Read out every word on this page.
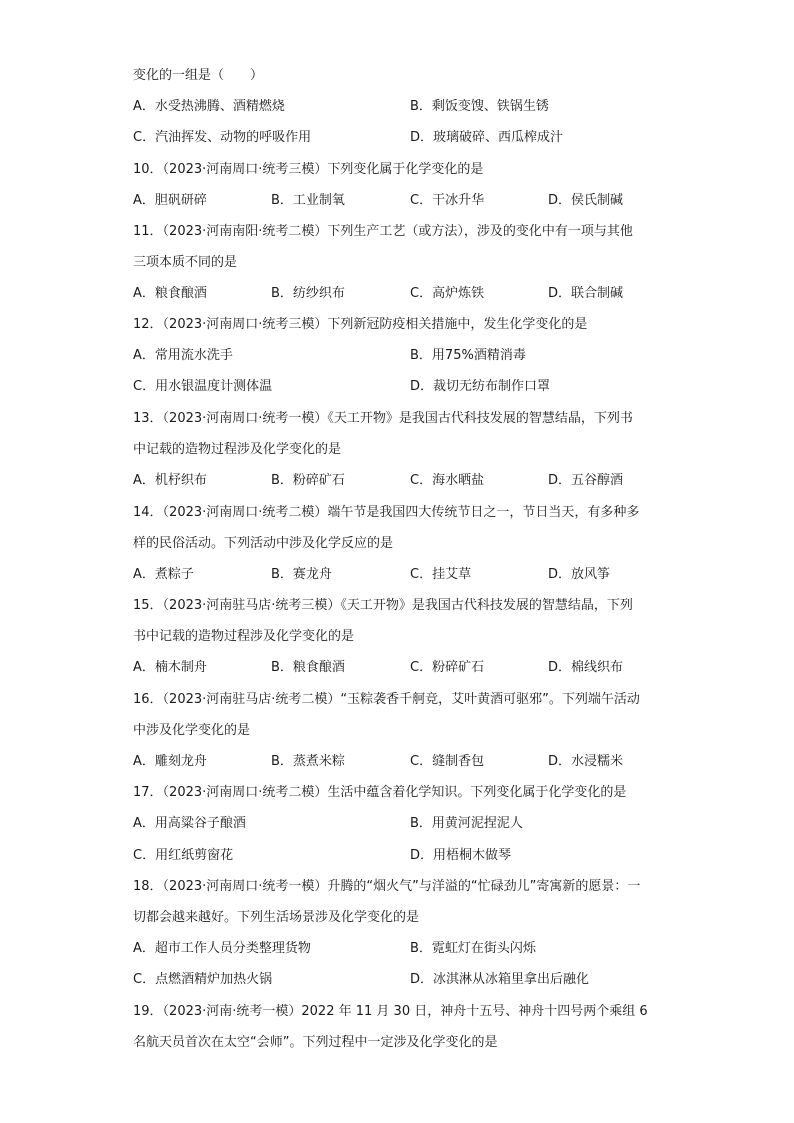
变化的一组是（　　）
A．水受热沸腾、酒精燃烧	B．剩饭变馊、铁锅生锈
C．汽油挥发、动物的呼吸作用	D．玻璃破碎、西瓜榨成汁
10．（2023·河南周口·统考三模）下列变化属于化学变化的是
A．胆矾研碎	B．工业制氧	C．干冰升华	D．侯氏制碱
11．（2023·河南南阳·统考二模）下列生产工艺（或方法），涉及的变化中有一项与其他
三项本质不同的是
A．粮食酿酒	B．纺纱织布	C．高炉炼铁	D．联合制碱
12．（2023·河南周口·统考三模）下列新冠防疫相关措施中，发生化学变化的是
A．常用流水洗手	B．用75%酒精消毒
C．用水银温度计测体温	D．裁切无纺布制作口罩
13．（2023·河南周口·统考一模）《天工开物》是我国古代科技发展的智慧结晶，下列书
中记载的造物过程涉及化学变化的是
A．机杼织布	B．粉碎矿石	C．海水晒盐	D．五谷醇酒
14．（2023·河南周口·统考二模）端午节是我国四大传统节日之一，节日当天，有多种多
样的民俗活动。下列活动中涉及化学反应的是
A．煮粽子	B．赛龙舟	C．挂艾草	D．放风筝
15．（2023·河南驻马店·统考三模）《天工开物》是我国古代科技发展的智慧结晶，下列
书中记载的造物过程涉及化学变化的是
A．楠木制舟	B．粮食酿酒	C．粉碎矿石	D．棉线织布
16．（2023·河南驻马店·统考二模）“玉粽袭香千舸竞，艾叶黄酒可驱邪”。下列端午活动
中涉及化学变化的是
A．雕刻龙舟	B．蒸煮米粽	C．缝制香包	D．水浸糯米
17．（2023·河南周口·统考二模）生活中蕴含着化学知识。下列变化属于化学变化的是
A．用高粱谷子酿酒	B．用黄河泥捏泥人
C．用红纸剪窗花	D．用梧桐木做琴
18．（2023·河南周口·统考一模）升腾的“烟火气”与洋溢的“忙碌劲儿”寄寓新的愿景：一
切都会越来越好。下列生活场景涉及化学变化的是
A．超市工作人员分类整理货物	B．霓虹灯在街头闪烁
C．点燃酒精炉加热火锅	D．冰淇淋从冰箱里拿出后融化
19．（2023·河南·统考一模）2022 年 11 月 30 日，神舟十五号、神舟十四号两个乘组 6
名航天员首次在太空“会师”。下列过程中一定涉及化学变化的是
